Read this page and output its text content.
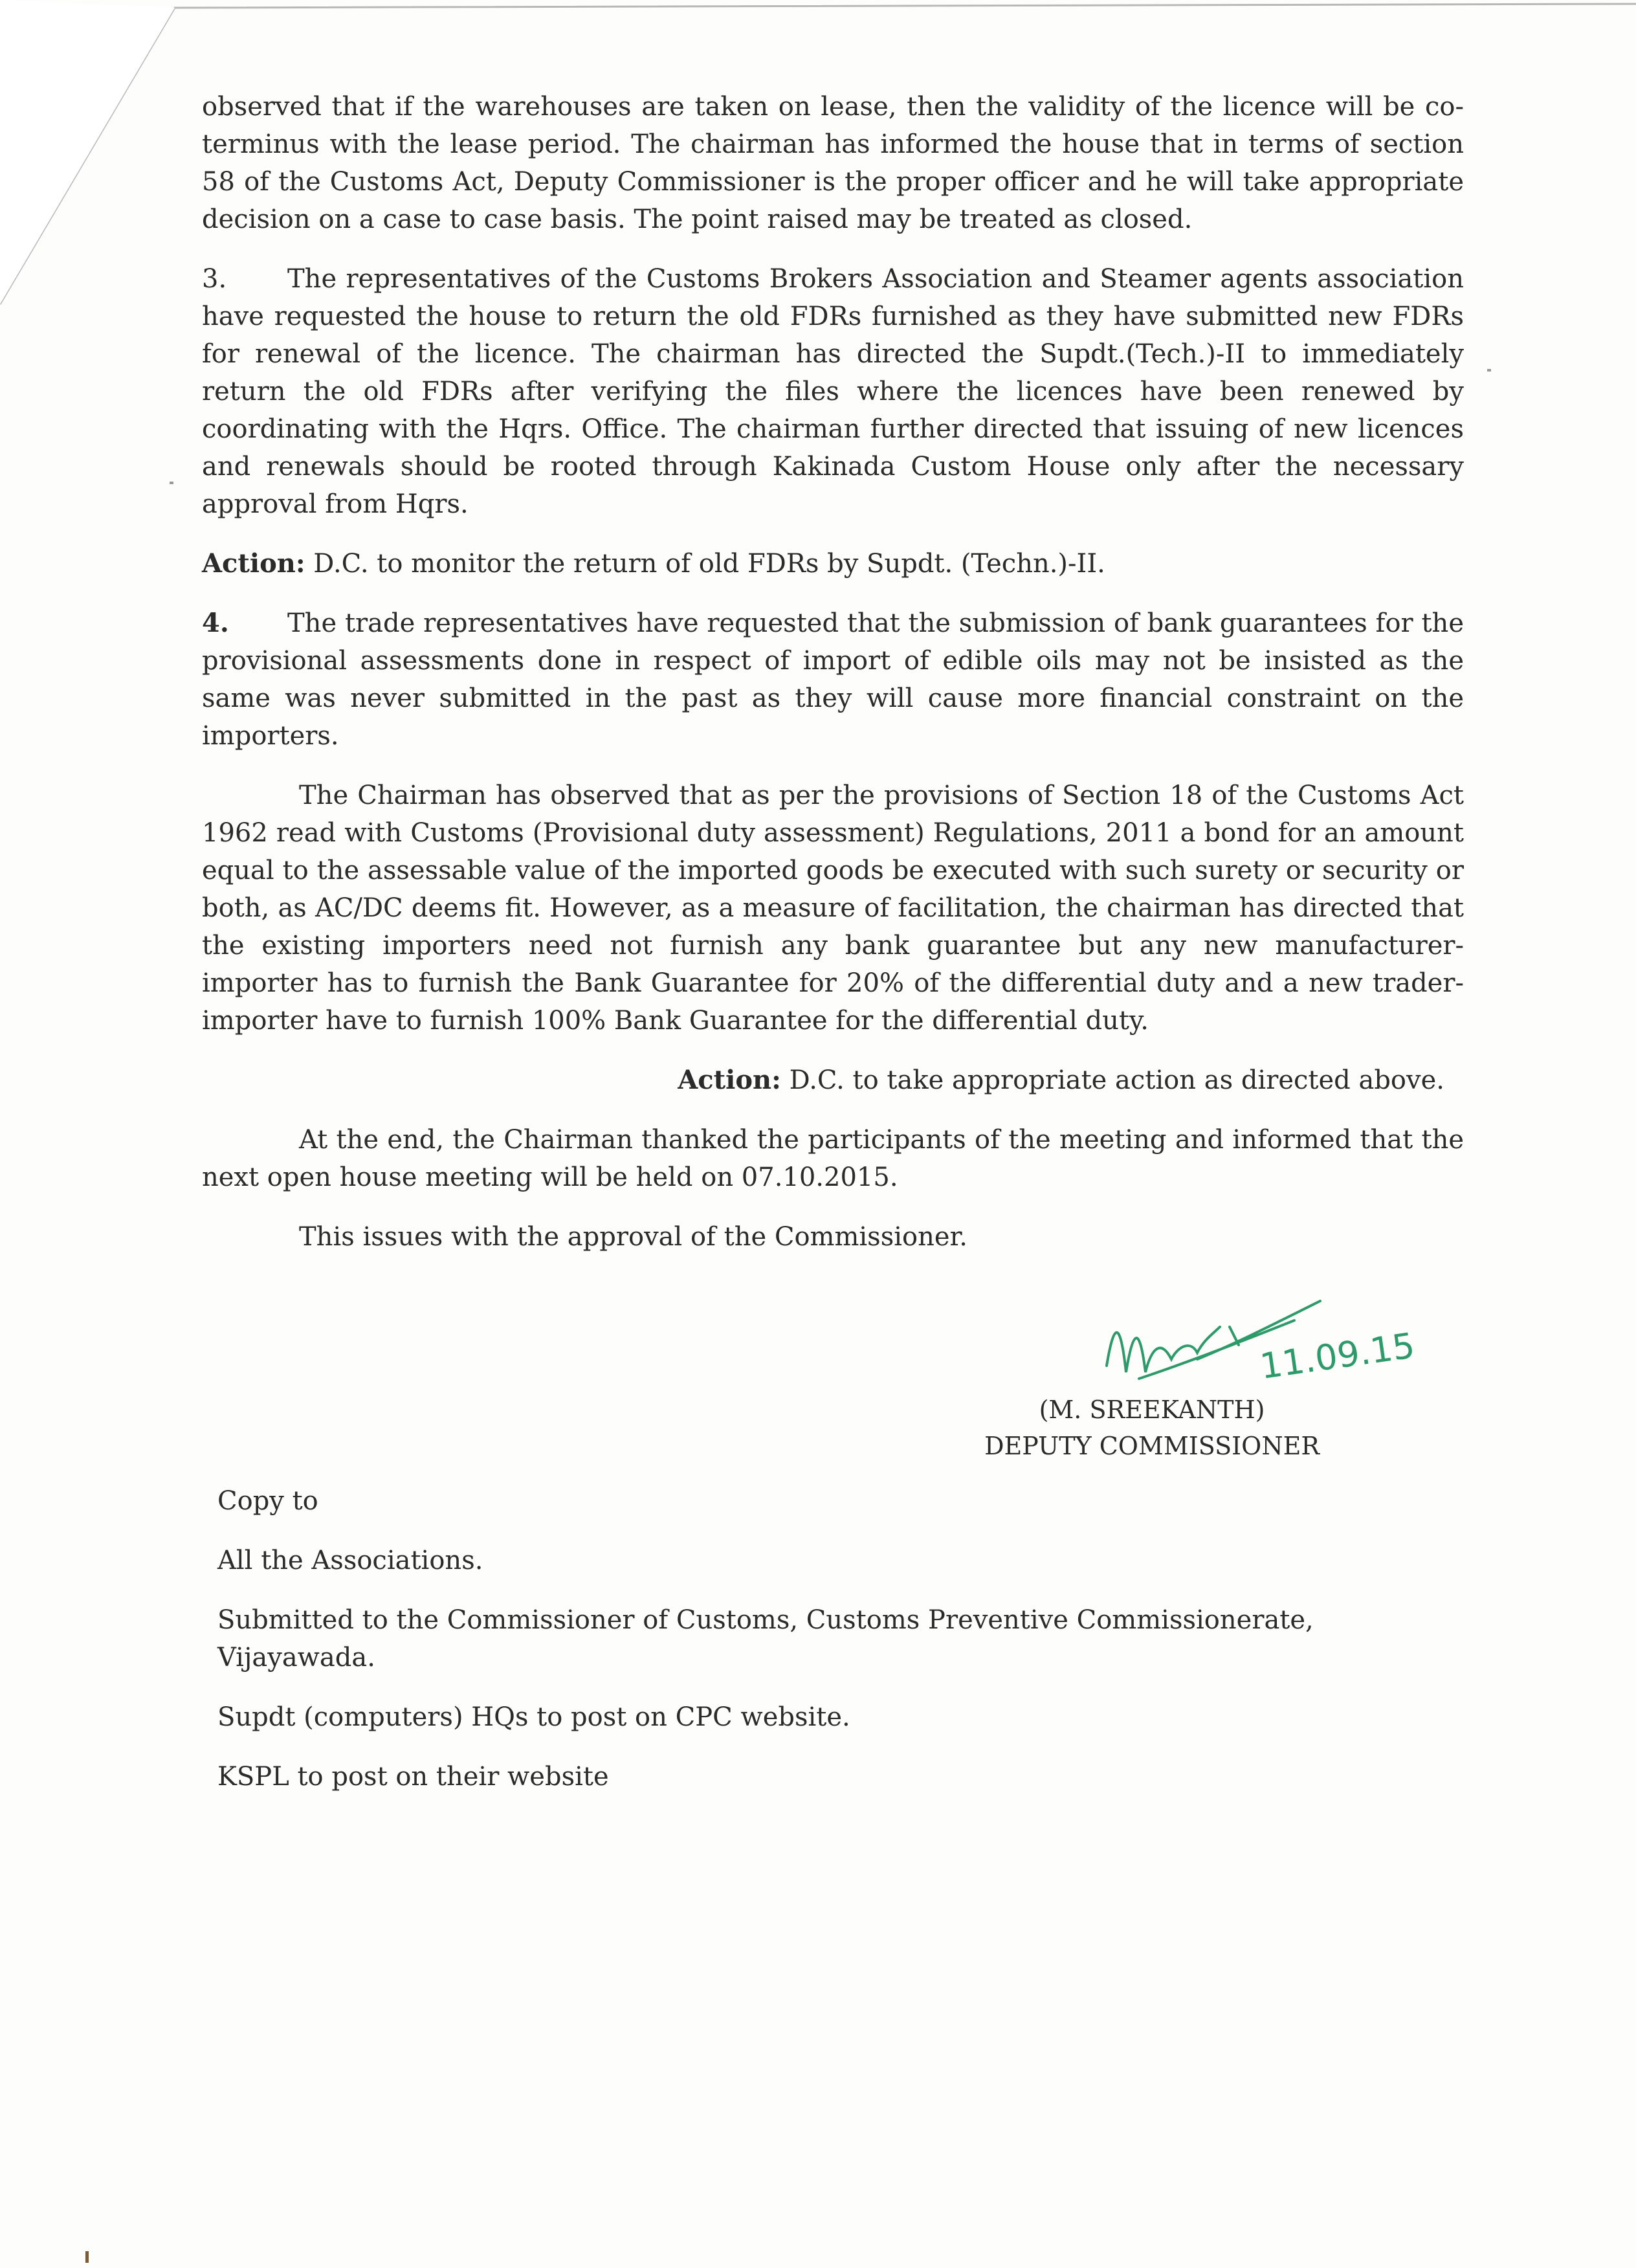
observed that if the warehouses are taken on lease, then the validity of the licence will be co-terminus with the lease period. The chairman has informed the house that in terms of section 58 of the Customs Act, Deputy Commissioner is the proper officer and he will take appropriate decision on a case to case basis. The point raised may be treated as closed.

3. The representatives of the Customs Brokers Association and Steamer agents association have requested the house to return the old FDRs furnished as they have submitted new FDRs for renewal of the licence. The chairman has directed the Supdt.(Tech.)-II to immediately return the old FDRs after verifying the files where the licences have been renewed by coordinating with the Hqrs. Office. The chairman further directed that issuing of new licences and renewals should be rooted through Kakinada Custom House only after the necessary approval from Hqrs.

Action: D.C. to monitor the return of old FDRs by Supdt. (Techn.)-II.

4. The trade representatives have requested that the submission of bank guarantees for the provisional assessments done in respect of import of edible oils may not be insisted as the same was never submitted in the past as they will cause more financial constraint on the importers.

The Chairman has observed that as per the provisions of Section 18 of the Customs Act 1962 read with Customs (Provisional duty assessment) Regulations, 2011 a bond for an amount equal to the assessable value of the imported goods be executed with such surety or security or both, as AC/DC deems fit. However, as a measure of facilitation, the chairman has directed that the existing importers need not furnish any bank guarantee but any new manufacturer-importer has to furnish the Bank Guarantee for 20% of the differential duty and a new trader-importer have to furnish 100% Bank Guarantee for the differential duty.

Action: D.C. to take appropriate action as directed above.

At the end, the Chairman thanked the participants of the meeting and informed that the next open house meeting will be held on 07.10.2015.

This issues with the approval of the Commissioner.

11.09.15
(M. SREEKANTH)
DEPUTY COMMISSIONER

Copy to

All the Associations.

Submitted to the Commissioner of Customs, Customs Preventive Commissionerate, Vijayawada.

Supdt (computers) HQs to post on CPC website.

KSPL to post on their website
